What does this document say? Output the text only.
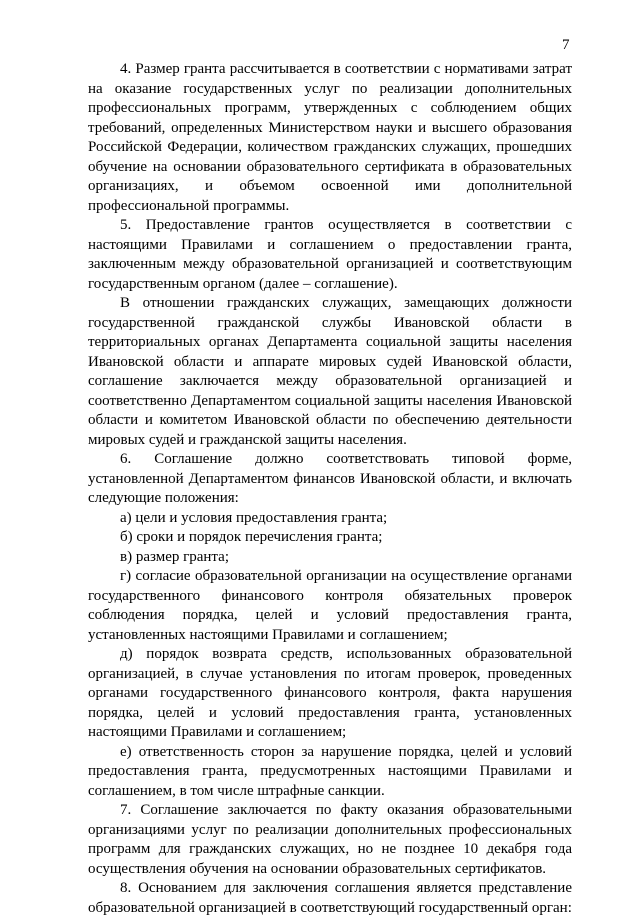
7

4. Размер гранта рассчитывается в соответствии с нормативами затрат на оказание государственных услуг по реализации дополнительных профессиональных программ, утвержденных с соблюдением общих требований, определенных Министерством науки и высшего образования Российской Федерации, количеством гражданских служащих, прошедших обучение на основании образовательного сертификата в образовательных организациях, и объемом освоенной ими дополнительной профессиональной программы.

5. Предоставление грантов осуществляется в соответствии с настоящими Правилами и соглашением о предоставлении гранта, заключенным между образовательной организацией и соответствующим государственным органом (далее – соглашение).

В отношении гражданских служащих, замещающих должности государственной гражданской службы Ивановской области в территориальных органах Департамента социальной защиты населения Ивановской области и аппарате мировых судей Ивановской области, соглашение заключается между образовательной организацией и соответственно Департаментом социальной защиты населения Ивановской области и комитетом Ивановской области по обеспечению деятельности мировых судей и гражданской защиты населения.

6. Соглашение должно соответствовать типовой форме, установленной Департаментом финансов Ивановской области, и включать следующие положения:

а) цели и условия предоставления гранта;

б) сроки и порядок перечисления гранта;

в) размер гранта;

г) согласие образовательной организации на осуществление органами государственного финансового контроля обязательных проверок соблюдения порядка, целей и условий предоставления гранта, установленных настоящими Правилами и соглашением;

д) порядок возврата средств, использованных образовательной организацией, в случае установления по итогам проверок, проведенных органами государственного финансового контроля, факта нарушения порядка, целей и условий предоставления гранта, установленных настоящими Правилами и соглашением;

е) ответственность сторон за нарушение порядка, целей и условий предоставления гранта, предусмотренных настоящими Правилами и соглашением, в том числе штрафные санкции.

7. Соглашение заключается по факту оказания образовательными организациями услуг по реализации дополнительных профессиональных программ для гражданских служащих, но не позднее 10 декабря года осуществления обучения на основании образовательных сертификатов.

8. Основанием для заключения соглашения является представление образовательной организацией в соответствующий государственный орган:
